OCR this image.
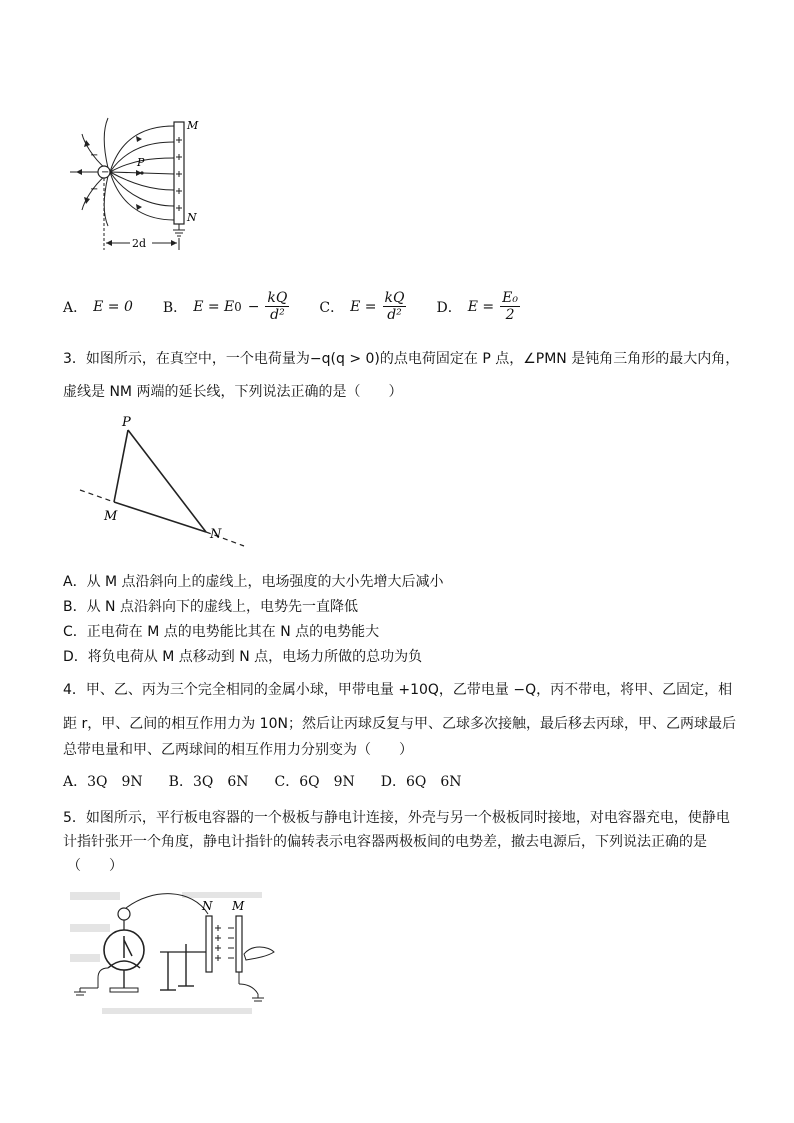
−
−
−
P
M
N
2d
A． E = 0 B． E = E $0 - \frac{kQ}{\text{d²}}$ C． $E = \frac{kQ}{\text{d²}}$ D． $E = \frac{\text{E₀}}{2}$
3．如图所示，在真空中，一个电荷量为−q(q > 0)的点电荷固定在 P 点，∠PMN 是钝角三角形的最大内角，
虚线是 NM 两端的延长线，下列说法正确的是（　　）
P
M
N
A．从 M 点沿斜向上的虚线上，电场强度的大小先增大后减小
B．从 N 点沿斜向下的虚线上，电势先一直降低
C．正电荷在 M 点的电势能比其在 N 点的电势能大
D．将负电荷从 M 点移动到 N 点，电场力所做的总功为负
4．甲、乙、丙为三个完全相同的金属小球，甲带电量 +10Q，乙带电量 −Q，丙不带电，将甲、乙固定，相
距 r，甲、乙间的相互作用力为 10N；然后让丙球反复与甲、乙球多次接触，最后移去丙球，甲、乙两球最后
总带电量和甲、乙两球间的相互作用力分别变为（　　）
A．3Q　9N B．3Q　6N C．6Q　9N D．6Q　6N
5．如图所示，平行板电容器的一个极板与静电计连接，外壳与另一个极板同时接地，对电容器充电，使静电
计指针张开一个角度，静电计指针的偏转表示电容器两极板间的电势差，撤去电源后，下列说法正确的是
（　　）
N M
